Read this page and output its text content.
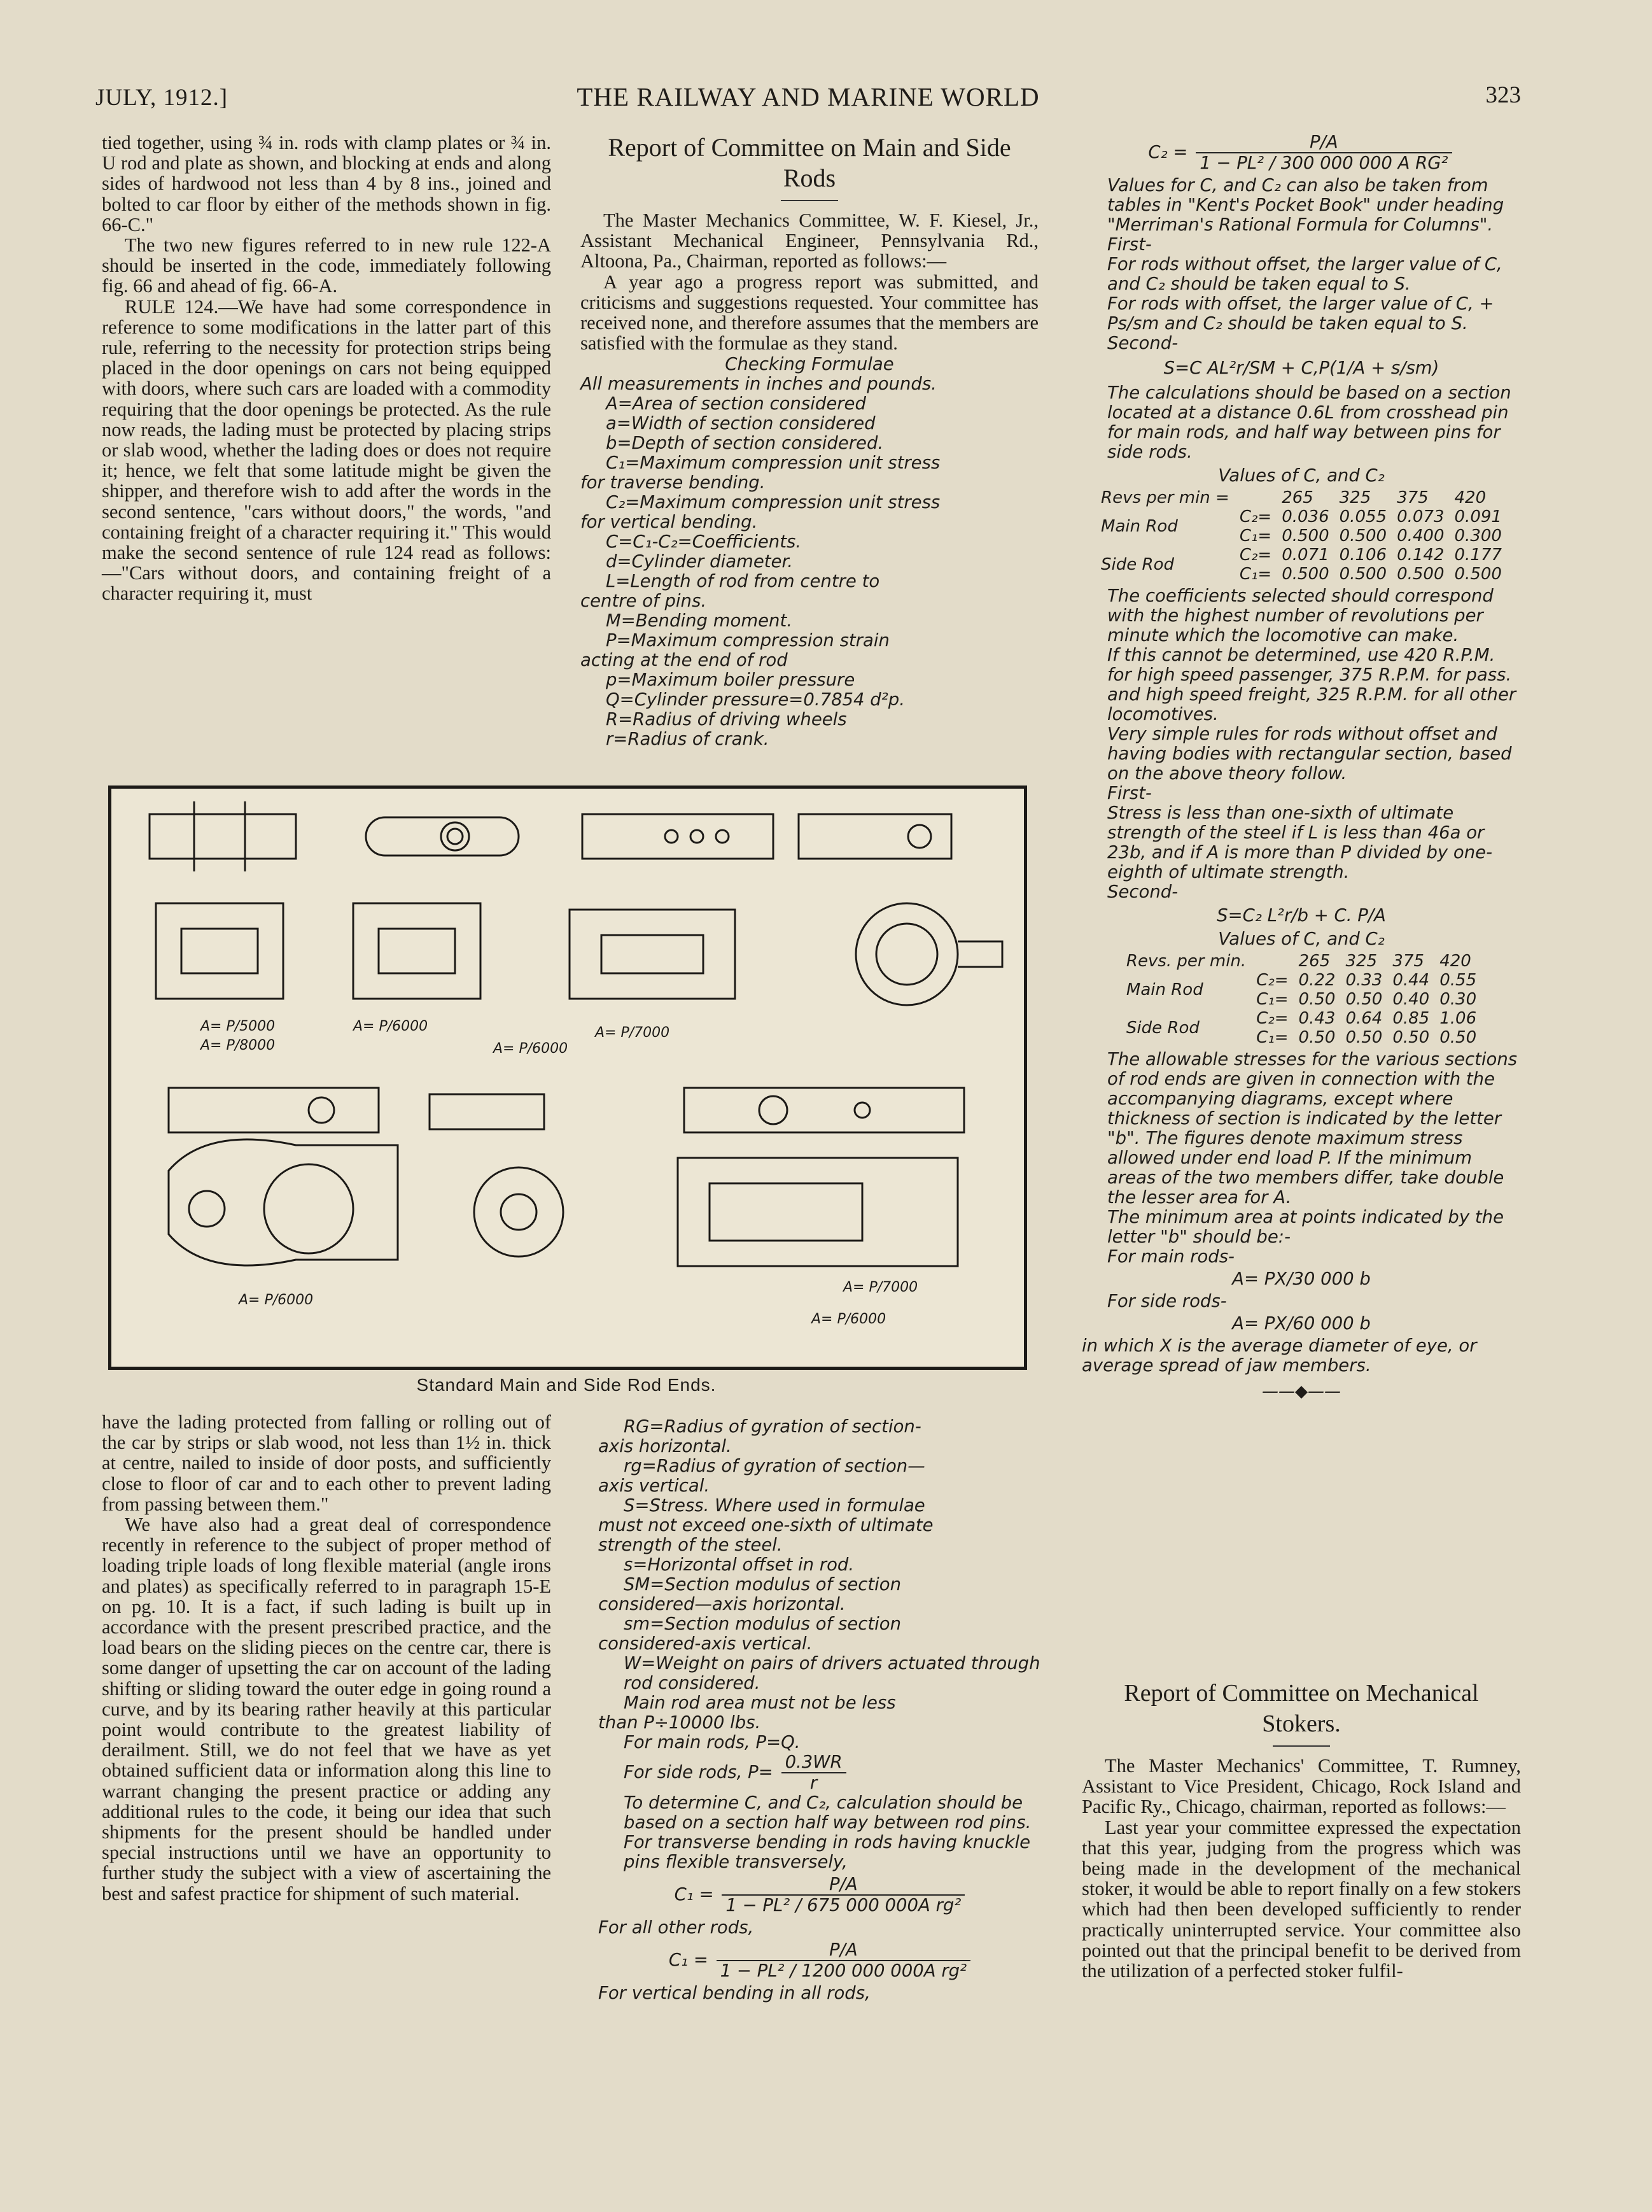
JULY, 1912.]	THE RAILWAY AND MARINE WORLD	323

tied together, using ¾ in. rods with clamp plates or ¾ in. U rod and plate as shown, and blocking at ends and along sides of hardwood not less than 4 by 8 ins., joined and bolted to car floor by either of the methods shown in fig. 66-C."

The two new figures referred to in new rule 122-A should be inserted in the code, immediately following fig. 66 and ahead of fig. 66-A.

RULE 124.—We have had some correspondence in reference to some modifications in the latter part of this rule, referring to the necessity for protection strips being placed in the door openings on cars not being equipped with doors, where such cars are loaded with a commodity requiring that the door openings be protected. As the rule now reads, the lading must be protected by placing strips or slab wood, whether the lading does or does not require it; hence, we felt that some latitude might be given the shipper, and therefore wish to add after the words in the second sentence, "cars without doors," the words, "and containing freight of a character requiring it." This would make the second sentence of rule 124 read as follows:—"Cars without doors, and containing freight of a character requiring it, must

Report of Committee on Main and Side Rods

The Master Mechanics Committee, W. F. Kiesel, Jr., Assistant Mechanical Engineer, Pennsylvania Rd., Altoona, Pa., Chairman, reported as follows:—

A year ago a progress report was submitted, and criticisms and suggestions requested. Your committee has received none, and therefore assumes that the members are satisfied with the formulae as they stand.

Checking Formulae

All measurements in inches and pounds.

A=Area of section considered

a=Width of section considered

b=Depth of section considered.

C₁=Maximum compression unit stress

for traverse bending.

C₂=Maximum compression unit stress

for vertical bending.

C=C₁-C₂=Coefficients.

d=Cylinder diameter.

L=Length of rod from centre to

centre of pins.

M=Bending moment.

P=Maximum compression strain

acting at the end of rod

p=Maximum boiler pressure

Q=Cylinder pressure=0.7854 d²p.

R=Radius of driving wheels

r=Radius of crank.

$C_2 = \frac{P/A}{\text{1 − PL² / 300 000 000 A RG²}}$

Values for C, and C₂ can also be taken from tables in "Kent's Pocket Book" under heading "Merriman's Rational Formula for Columns".

First-

For rods without offset, the larger value of C, and C₂ should be taken equal to S.

For rods with offset, the larger value of C, + Ps/sm and C₂ should be taken equal to S.

Second-

S=C AL²r/SM + C,P(1/A + s/sm)

The calculations should be based on a section located at a distance 0.6L from crosshead pin for main rods, and half way between pins for side rods.

Values of C, and C₂

Revs per min =		265	325	375	420
Main Rod	C₂=	0.036	0.055	0.073	0.091
	C₁=	0.500	0.500	0.400	0.300
Side Rod	C₂=	0.071	0.106	0.142	0.177
	C₁=	0.500	0.500	0.500	0.500

The coefficients selected should correspond with the highest number of revolutions per minute which the locomotive can make.

If this cannot be determined, use 420 R.P.M. for high speed passenger, 375 R.P.M. for pass. and high speed freight, 325 R.P.M. for all other locomotives.

Very simple rules for rods without offset and having bodies with rectangular section, based on the above theory follow.

First-

Stress is less than one-sixth of ultimate strength of the steel if L is less than 46a or 23b, and if A is more than P divided by one-eighth of ultimate strength.

Second-

S=C₂ L²r/b + C. P/A

Values of C, and C₂

Revs. per min.		265	325	375	420
Main Rod	C₂=	0.22	0.33	0.44	0.55
	C₁=	0.50	0.50	0.40	0.30
Side Rod	C₂=	0.43	0.64	0.85	1.06
	C₁=	0.50	0.50	0.50	0.50

The allowable stresses for the various sections of rod ends are given in connection with the accompanying diagrams, except where thickness of section is indicated by the letter "b". The figures denote maximum stress allowed under end load P. If the minimum areas of the two members differ, take double the lesser area for A.

The minimum area at points indicated by the letter "b" should be:-

For main rods-

A= PX/30 000 b

For side rods-

A= PX/60 000 b

in which X is the average diameter of eye, or average spread of jaw members.

——◆——
A= P/5000	A= P/6000	A= P/7000
A= P/8000	A= P/6000
A= P/6000
A= P/7000
A= P/6000
Standard Main and Side Rod Ends.

have the lading protected from falling or rolling out of the car by strips or slab wood, not less than 1½ in. thick at centre, nailed to inside of door posts, and sufficiently close to floor of car and to each other to prevent lading from passing between them."

We have also had a great deal of correspondence recently in reference to the subject of proper method of loading triple loads of long flexible material (angle irons and plates) as specifically referred to in paragraph 15-E on pg. 10. It is a fact, if such lading is built up in accordance with the present prescribed practice, and the load bears on the sliding pieces on the centre car, there is some danger of upsetting the car on account of the lading shifting or sliding toward the outer edge in going round a curve, and by its bearing rather heavily at this particular point would contribute to the greatest liability of derailment. Still, we do not feel that we have as yet obtained sufficient data or information along this line to warrant changing the present practice or adding any additional rules to the code, it being our idea that such shipments for the present should be handled under special instructions until we have an opportunity to further study the subject with a view of ascertaining the best and safest practice for shipment of such material.

RG=Radius of gyration of section-

axis horizontal.

rg=Radius of gyration of section—

axis vertical.

S=Stress. Where used in formulae

must not exceed one-sixth of ultimate

strength of the steel.

s=Horizontal offset in rod.

SM=Section modulus of section

considered—axis horizontal.

sm=Section modulus of section

considered-axis vertical.

W=Weight on pairs of drivers actuated through rod considered.

Main rod area must not be less

than P÷10000 lbs.

For main rods, P=Q.

For side rods, $P= \frac{0.3WR}{r}$

To determine C, and C₂, calculation should be based on a section half way between rod pins.

For transverse bending in rods having knuckle pins flexible transversely,

$C_1 = \frac{P/A}{\text{1 − PL² / 675 000 000A rg²}}$

For all other rods,

$C_1 = \frac{P/A}{\text{1 − PL² / 1200 000 000A rg²}}$

For vertical bending in all rods,

Report of Committee on Mechanical Stokers.

The Master Mechanics' Committee, T. Rumney, Assistant to Vice President, Chicago, Rock Island and Pacific Ry., Chicago, chairman, reported as follows:—

Last year your committee expressed the expectation that this year, judging from the progress which was being made in the development of the mechanical stoker, it would be able to report finally on a few stokers which had then been developed sufficiently to render practically uninterrupted service. Your committee also pointed out that the principal benefit to be derived from the utilization of a perfected stoker fulfil-
